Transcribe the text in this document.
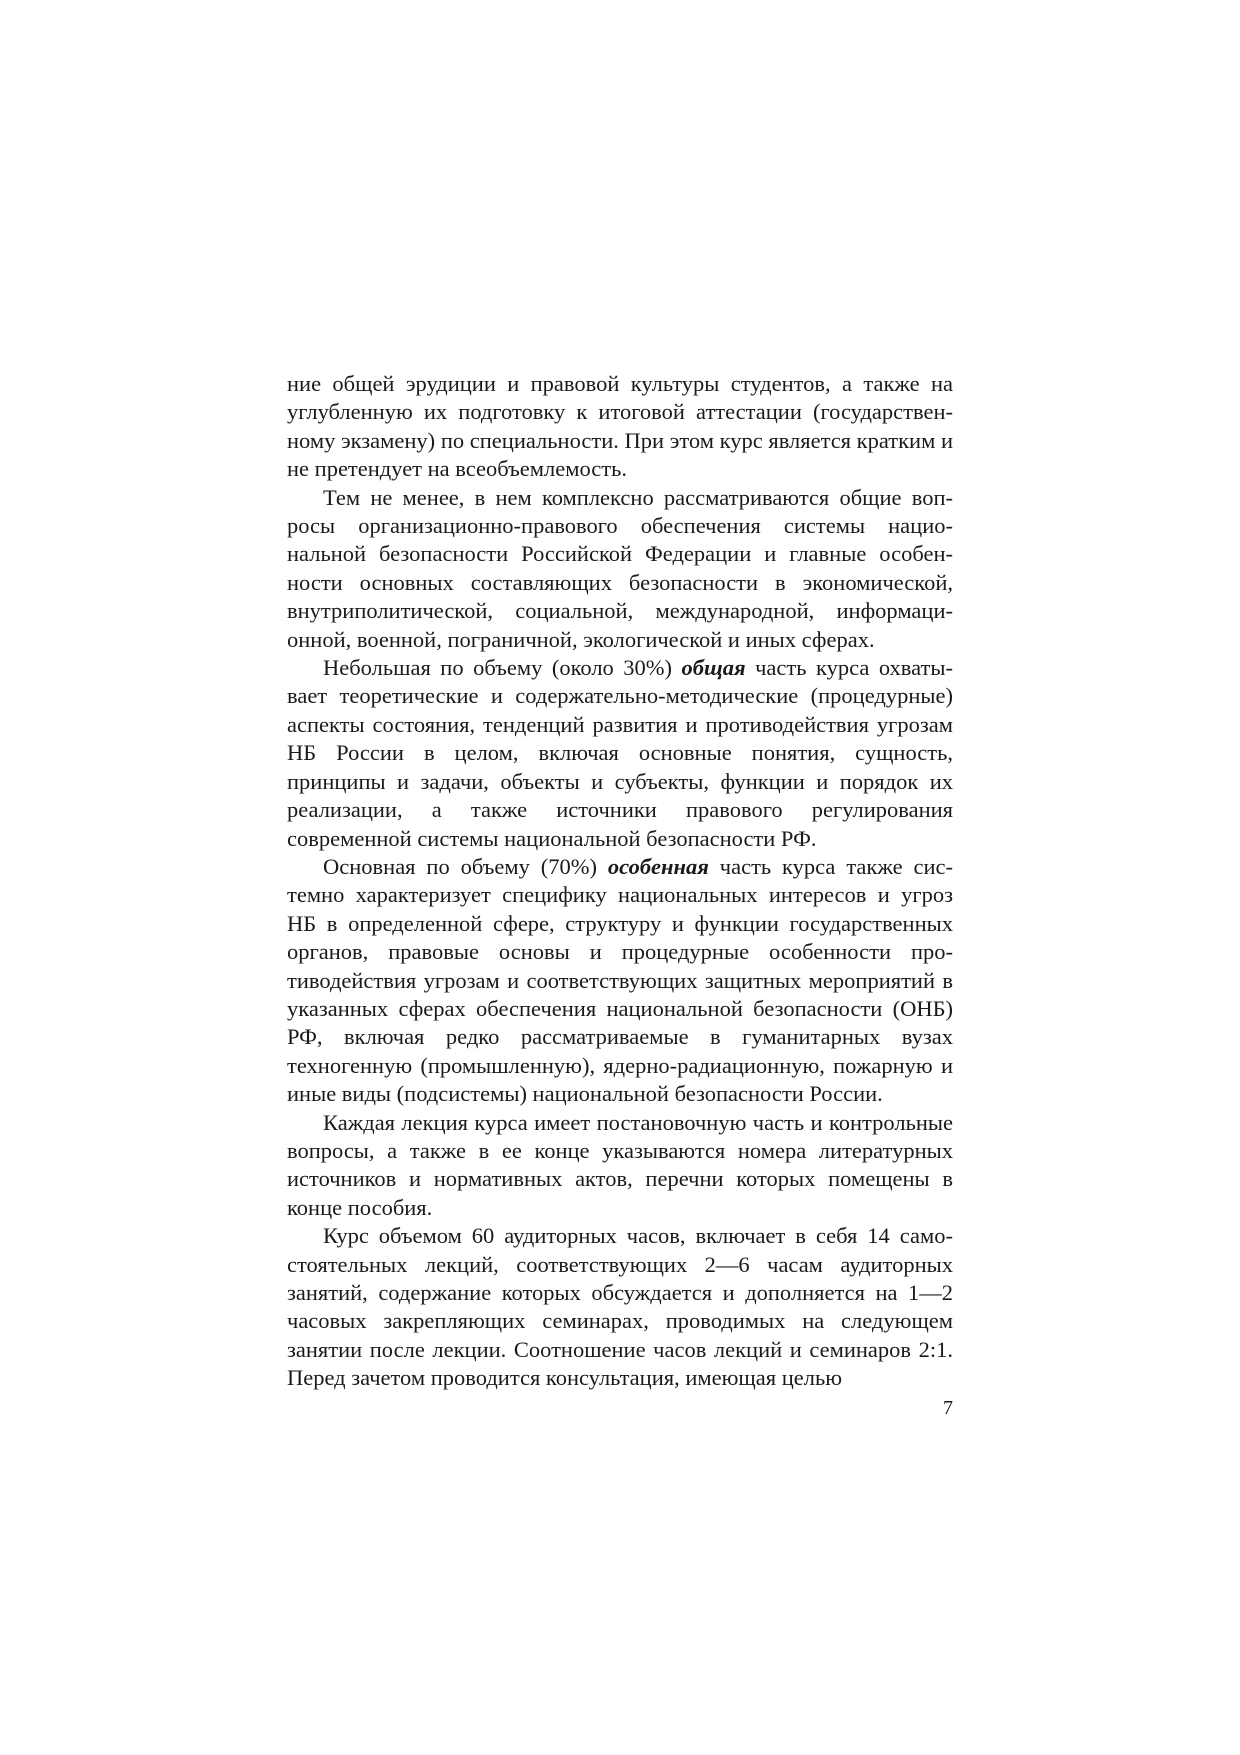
ние общей эрудиции и правовой культуры студентов, а также на углубленную их подготовку к итоговой аттестации (государственному экзамену) по специальности. При этом курс является кратким и не претендует на всеобъемлемость.

Тем не менее, в нем комплексно рассматриваются общие вопросы организационно-правового обеспечения системы национальной безопасности Российской Федерации и главные особенности основных составляющих безопасности в экономической, внутриполитической, социальной, международной, информационной, военной, пограничной, экологической и иных сферах.

Небольшая по объему (около 30%) общая часть курса охватывает теоретические и содержательно-методические (процедурные) аспекты состояния, тенденций развития и противодействия угрозам НБ России в целом, включая основные понятия, сущность, принципы и задачи, объекты и субъекты, функции и порядок их реализации, а также источники правового регулирования современной системы национальной безопасности РФ.

Основная по объему (70%) особенная часть курса также системно характеризует специфику национальных интересов и угроз НБ в определенной сфере, структуру и функции государственных органов, правовые основы и процедурные особенности противодействия угрозам и соответствующих защитных мероприятий в указанных сферах обеспечения национальной безопасности (ОНБ) РФ, включая редко рассматриваемые в гуманитарных вузах техногенную (промышленную), ядерно-радиационную, пожарную и иные виды (подсистемы) национальной безопасности России.

Каждая лекция курса имеет постановочную часть и контрольные вопросы, а также в ее конце указываются номера литературных источников и нормативных актов, перечни которых помещены в конце пособия.

Курс объемом 60 аудиторных часов, включает в себя 14 самостоятельных лекций, соответствующих 2—6 часам аудиторных занятий, содержание которых обсуждается и дополняется на 1—2 часовых закрепляющих семинарах, проводимых на следующем занятии после лекции. Соотношение часов лекций и семинаров 2:1. Перед зачетом проводится консультация, имеющая целью

7
